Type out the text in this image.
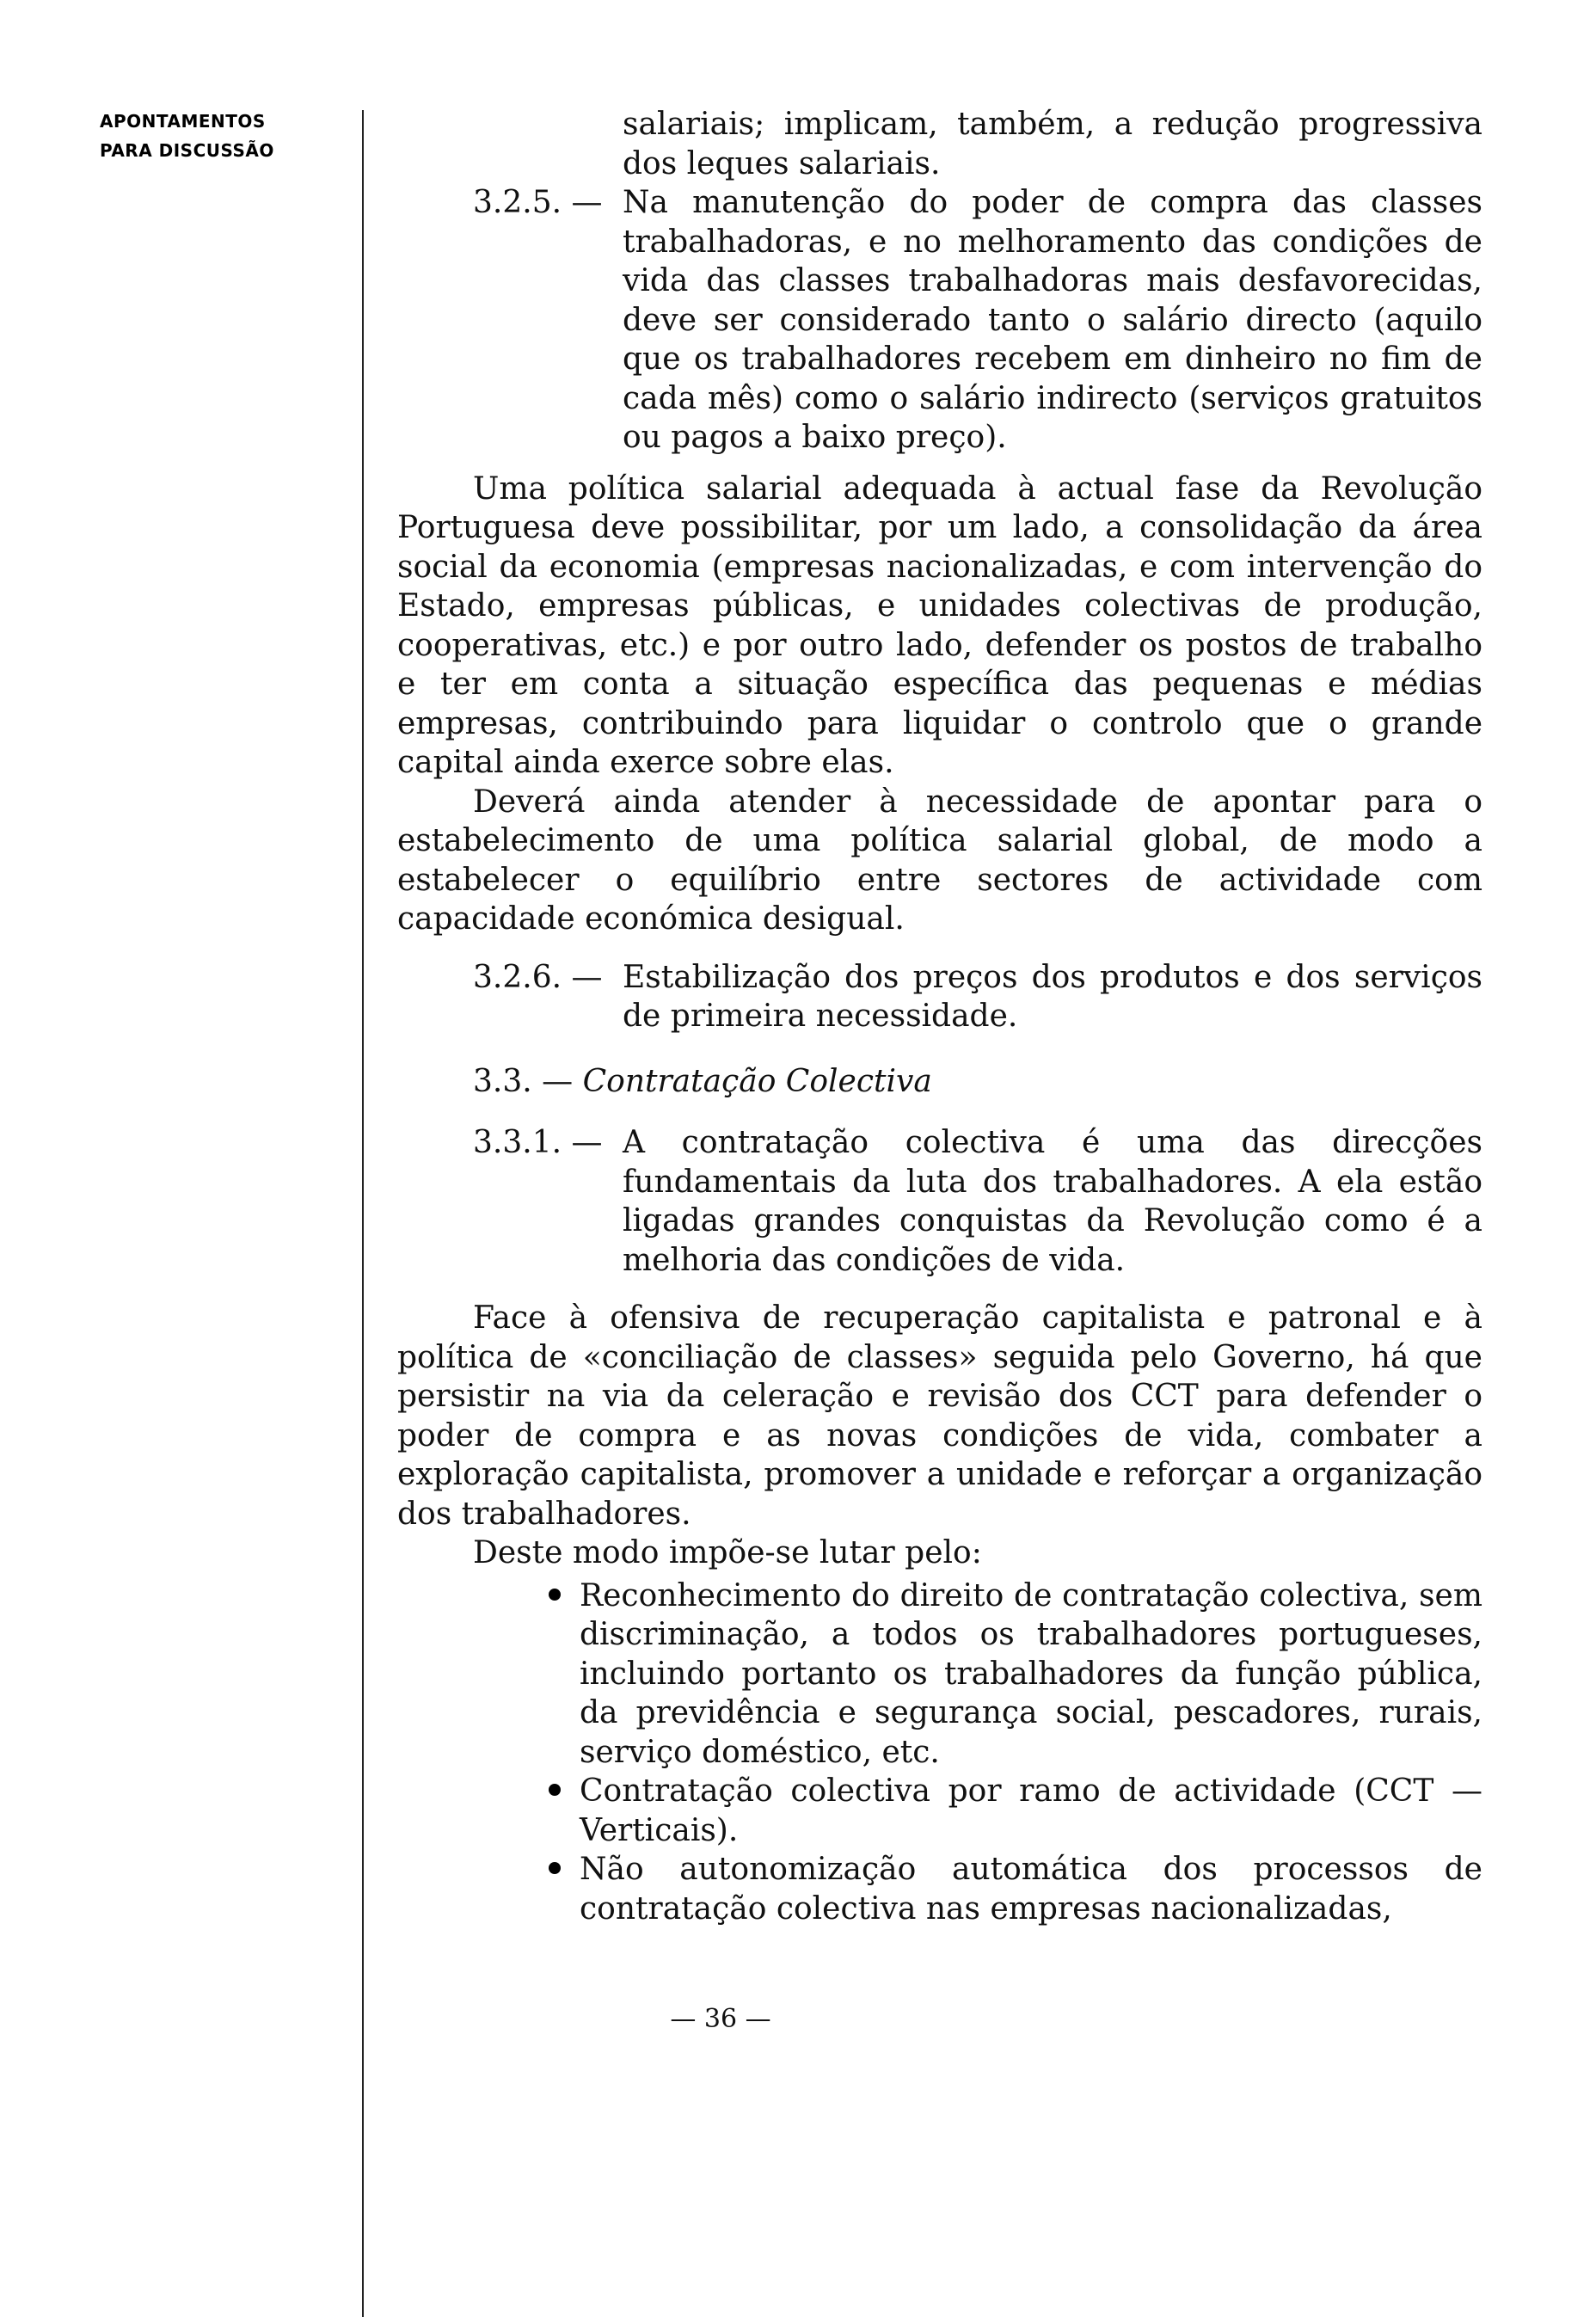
APONTAMENTOS
PARA DISCUSSÃO

salariais; implicam, também, a redução progressiva dos leques salariais.

3.2.5. — Na manutenção do poder de compra das classes trabalhadoras, e no melhoramento das condições de vida das classes trabalhadoras mais desfavorecidas, deve ser considerado tanto o salário directo (aquilo que os trabalhadores recebem em dinheiro no fim de cada mês) como o salário indirecto (serviços gratuitos ou pagos a baixo preço).

Uma política salarial adequada à actual fase da Revolução Portuguesa deve possibilitar, por um lado, a consolidação da área social da economia (empresas nacionalizadas, e com intervenção do Estado, empresas públicas, e unidades colectivas de produção, cooperativas, etc.) e por outro lado, defender os postos de trabalho e ter em conta a situação específica das pequenas e médias empresas, contribuindo para liquidar o controlo que o grande capital ainda exerce sobre elas.

Deverá ainda atender à necessidade de apontar para o estabelecimento de uma política salarial global, de modo a estabelecer o equilíbrio entre sectores de actividade com capacidade económica desigual.

3.2.6. — Estabilização dos preços dos produtos e dos serviços de primeira necessidade.
3.3. — Contratação Colectiva
3.3.1. — A contratação colectiva é uma das direcções fundamentais da luta dos trabalhadores. A ela estão ligadas grandes conquistas da Revolução como é a melhoria das condições de vida.

Face à ofensiva de recuperação capitalista e patronal e à política de «conciliação de classes» seguida pelo Governo, há que persistir na via da celeração e revisão dos CCT para defender o poder de compra e as novas condições de vida, combater a exploração capitalista, promover a unidade e reforçar a organização dos trabalhadores.

Deste modo impõe-se lutar pelo:

Reconhecimento do direito de contratação colectiva, sem discriminação, a todos os trabalhadores portugueses, incluindo portanto os trabalhadores da função pública, da previdência e segurança social, pescadores, rurais, serviço doméstico, etc.
Contratação colectiva por ramo de actividade (CCT — Verticais).
Não autonomização automática dos processos de contratação colectiva nas empresas nacionalizadas,
— 36 —
